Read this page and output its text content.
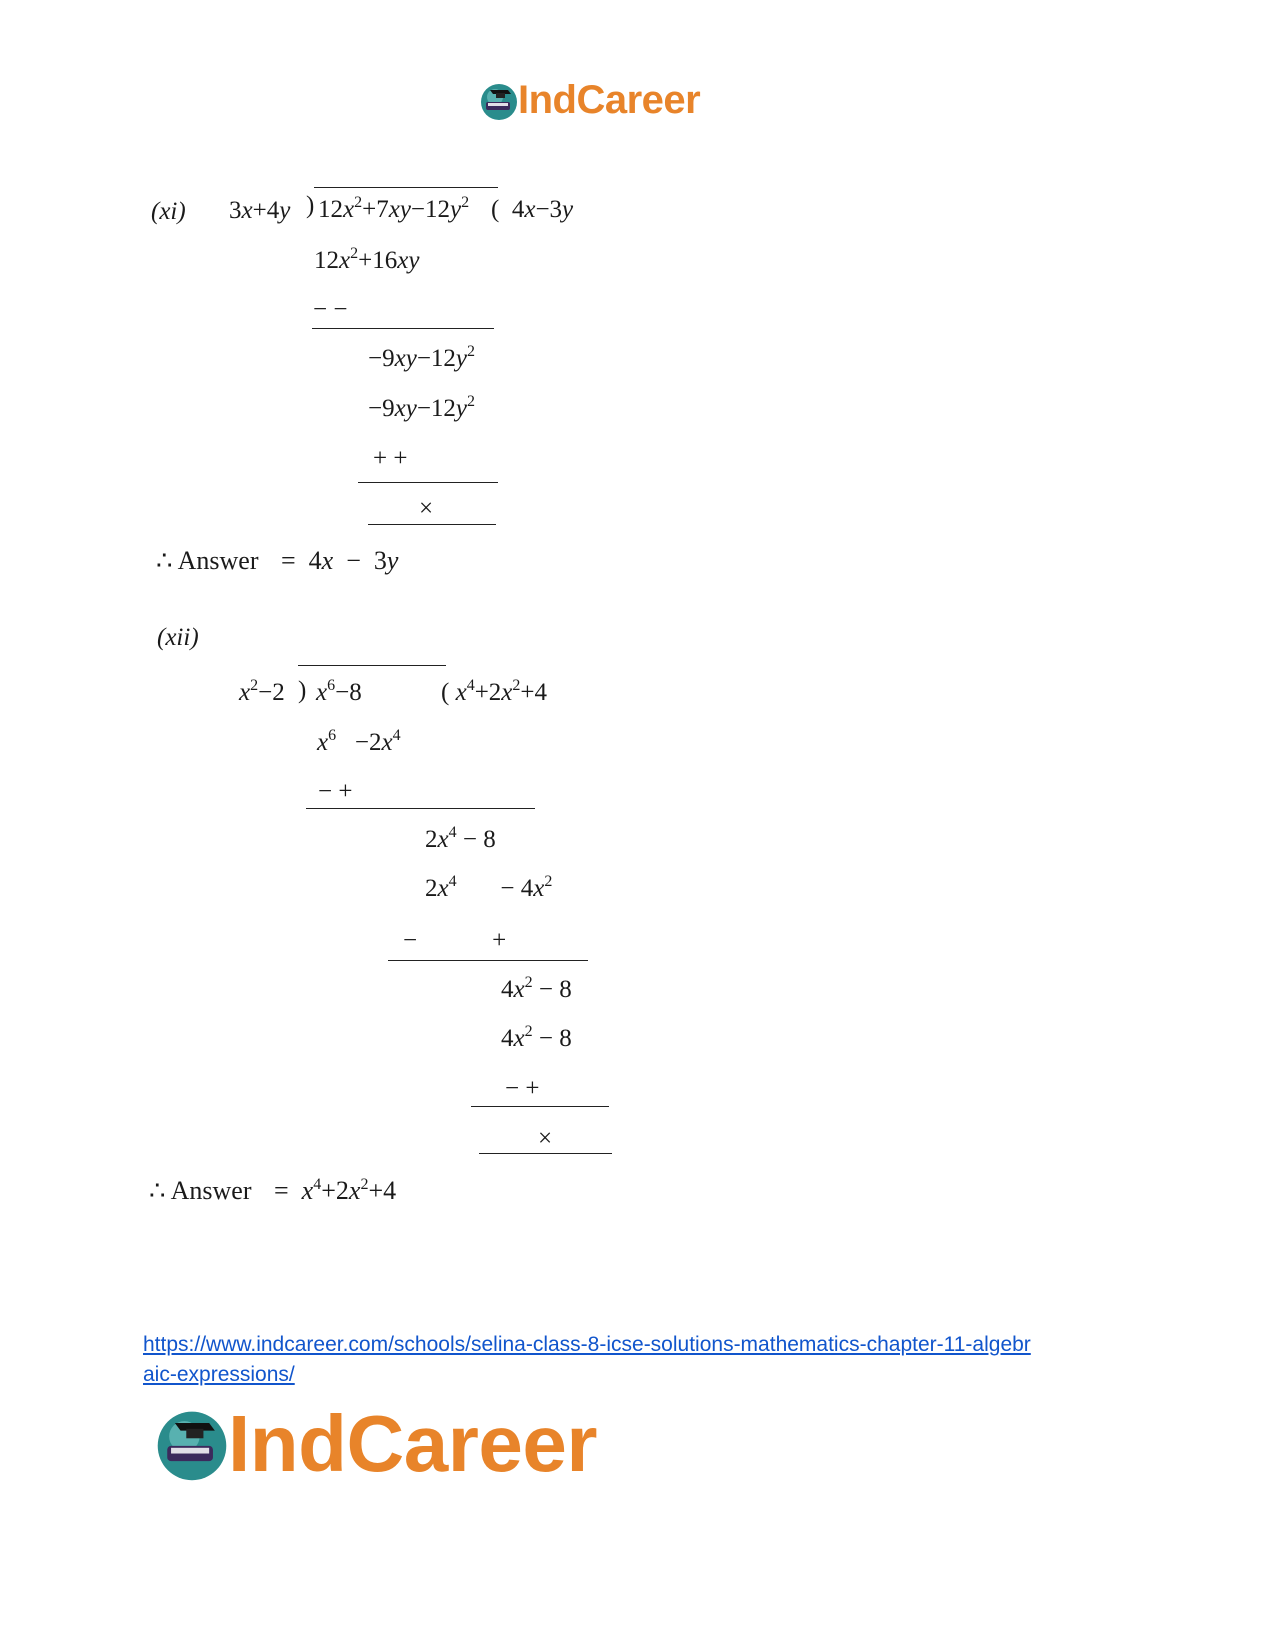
IndCareer
(xi) 3x+4y ) $12x^2+7xy-12y^2$ (  4x−3y
$12x^2+16xy$
− −
$-9xy-12y^2$
$-9xy-12y^2$
+ +
×
∴ Answer =  4x  −  3y
(xii)
$x^2-2$ ) $x^6-8$	( $x^4+2x^2+4$
$x^6 -2x^4$
− +
$2x^4 - 8$
$2x^4$       − $4x^2$
−            +
$4x^2 - 8$
$4x^2 - 8$
− +
×
∴ Answer =  $x^4+2x^2+4$
https://www.indcareer.com/schools/selina-class-8-icse-solutions-mathematics-chapter-11-algebr
aic-expressions/
IndCareer
